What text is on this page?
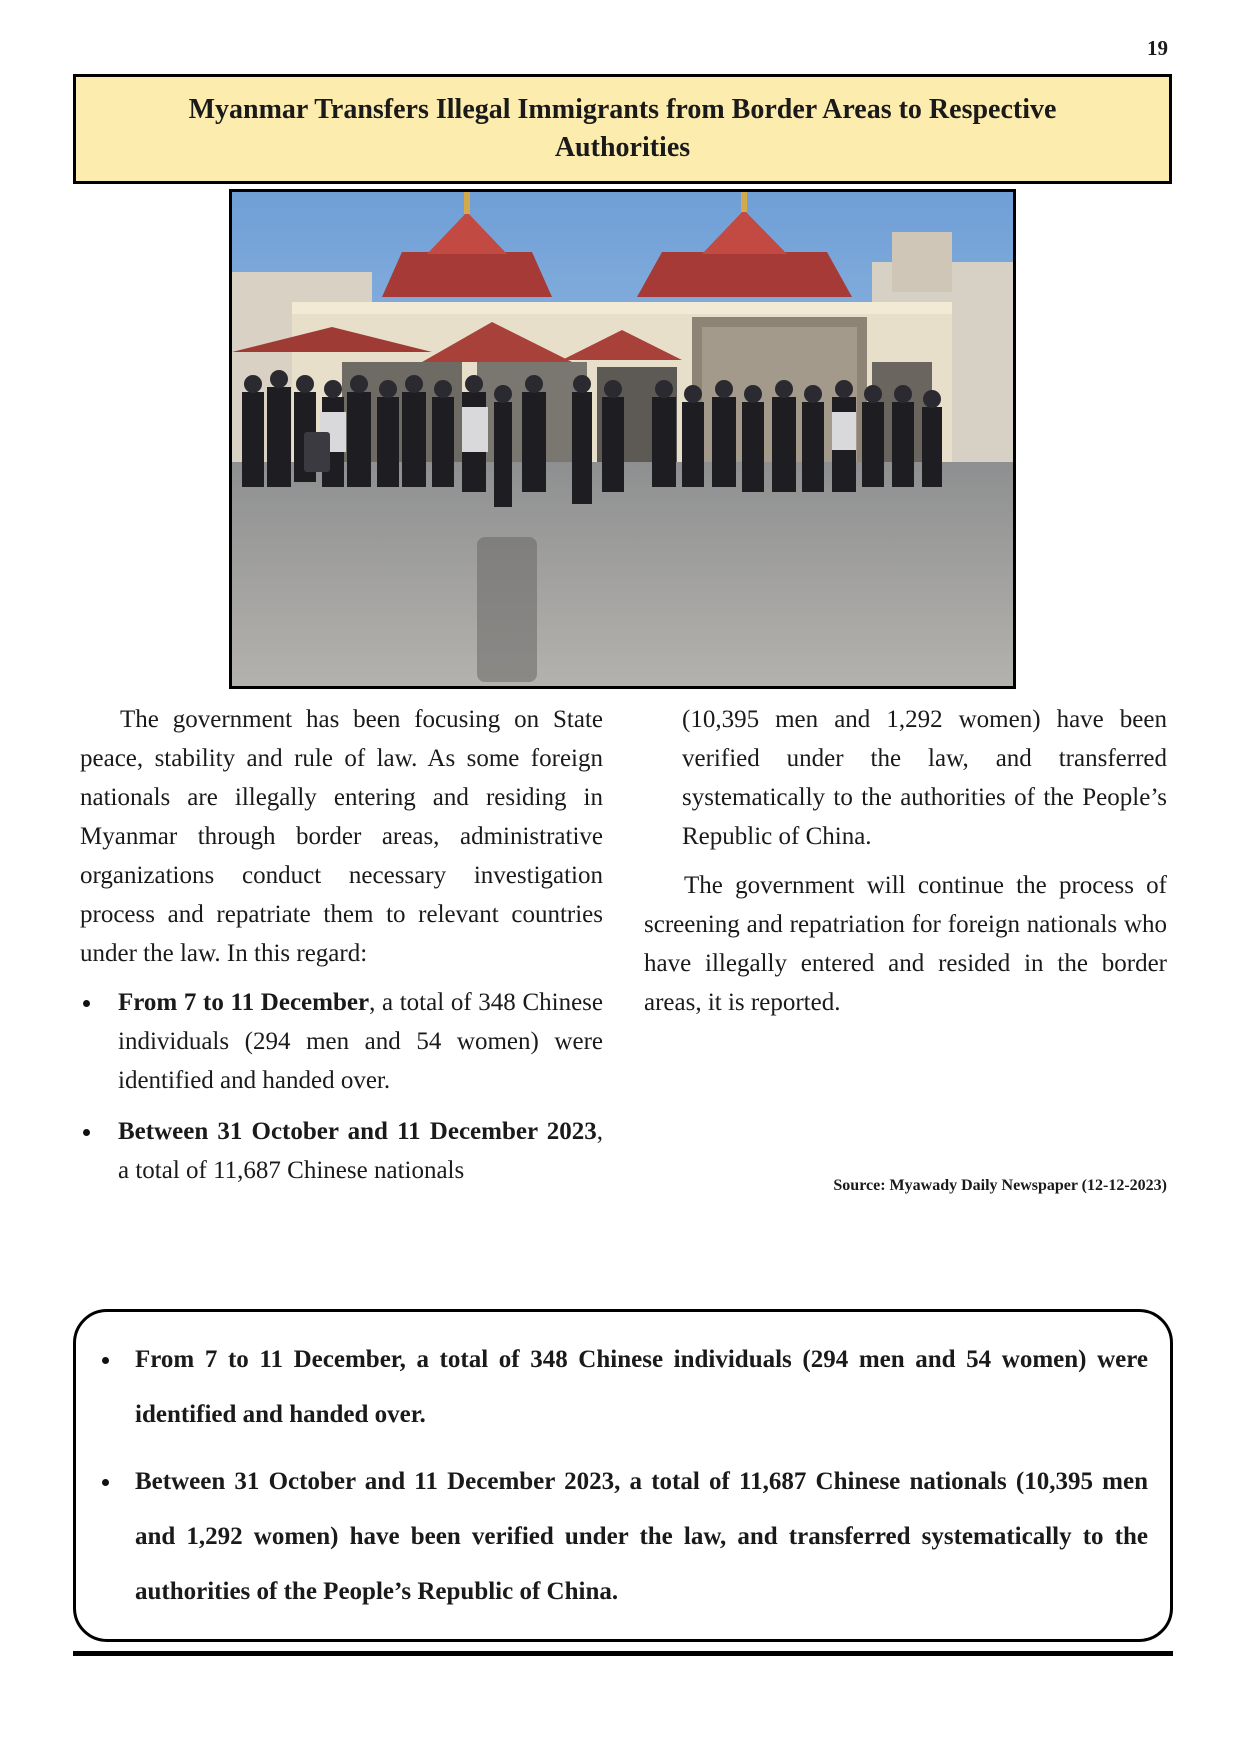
19
Myanmar Transfers Illegal Immigrants from Border Areas to Respective Authorities

The government has been focusing on State peace, stability and rule of law. As some foreign nationals are illegally entering and residing in Myanmar through border areas, administrative organizations conduct necessary investigation process and repatriate them to relevant countries under the law. In this regard:

From 7 to 11 December, a total of 348 Chinese individuals (294 men and 54 women) were identified and handed over.
Between 31 October and 11 December 2023, a total of 11,687 Chinese nationals

(10,395 men and 1,292 women) have been verified under the law, and transferred systematically to the authorities of the People’s Republic of China.

The government will continue the process of screening and repatriation for foreign nationals who have illegally entered and resided in the border areas, it is reported.

Source: Myawady Daily Newspaper (12-12-2023)
From 7 to 11 December, a total of 348 Chinese individuals (294 men and 54 women) were identified and handed over.
Between 31 October and 11 December 2023, a total of 11,687 Chinese nationals (10,395 men and 1,292 women) have been verified under the law, and transferred systematically to the authorities of the People’s Republic of China.
